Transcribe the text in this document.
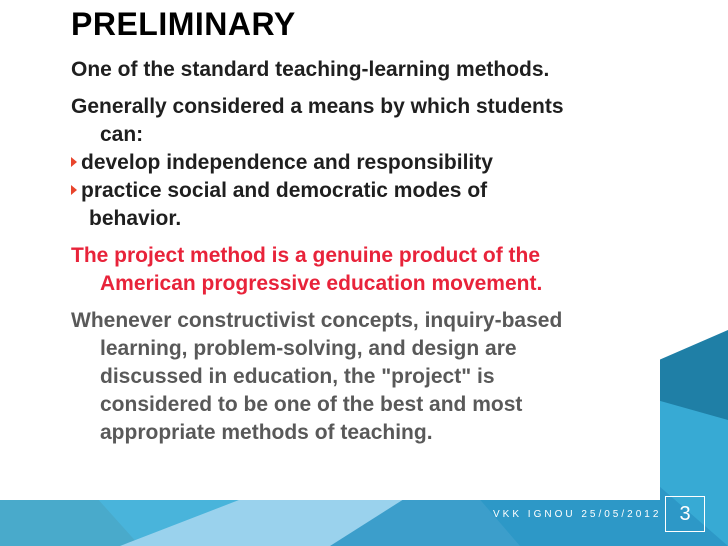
PRELIMINARY

One of the standard teaching-learning methods.

Generally considered a means by which students

can:

develop independence and responsibility

practice social and democratic modes of

behavior.

The project method is a genuine product of the

American progressive education movement.

Whenever constructivist concepts, inquiry-based

learning, problem-solving, and design are

discussed in education, the "project" is

considered to be one of the best and most

appropriate methods of teaching.

VKK IGNOU 25/05/2012 3
